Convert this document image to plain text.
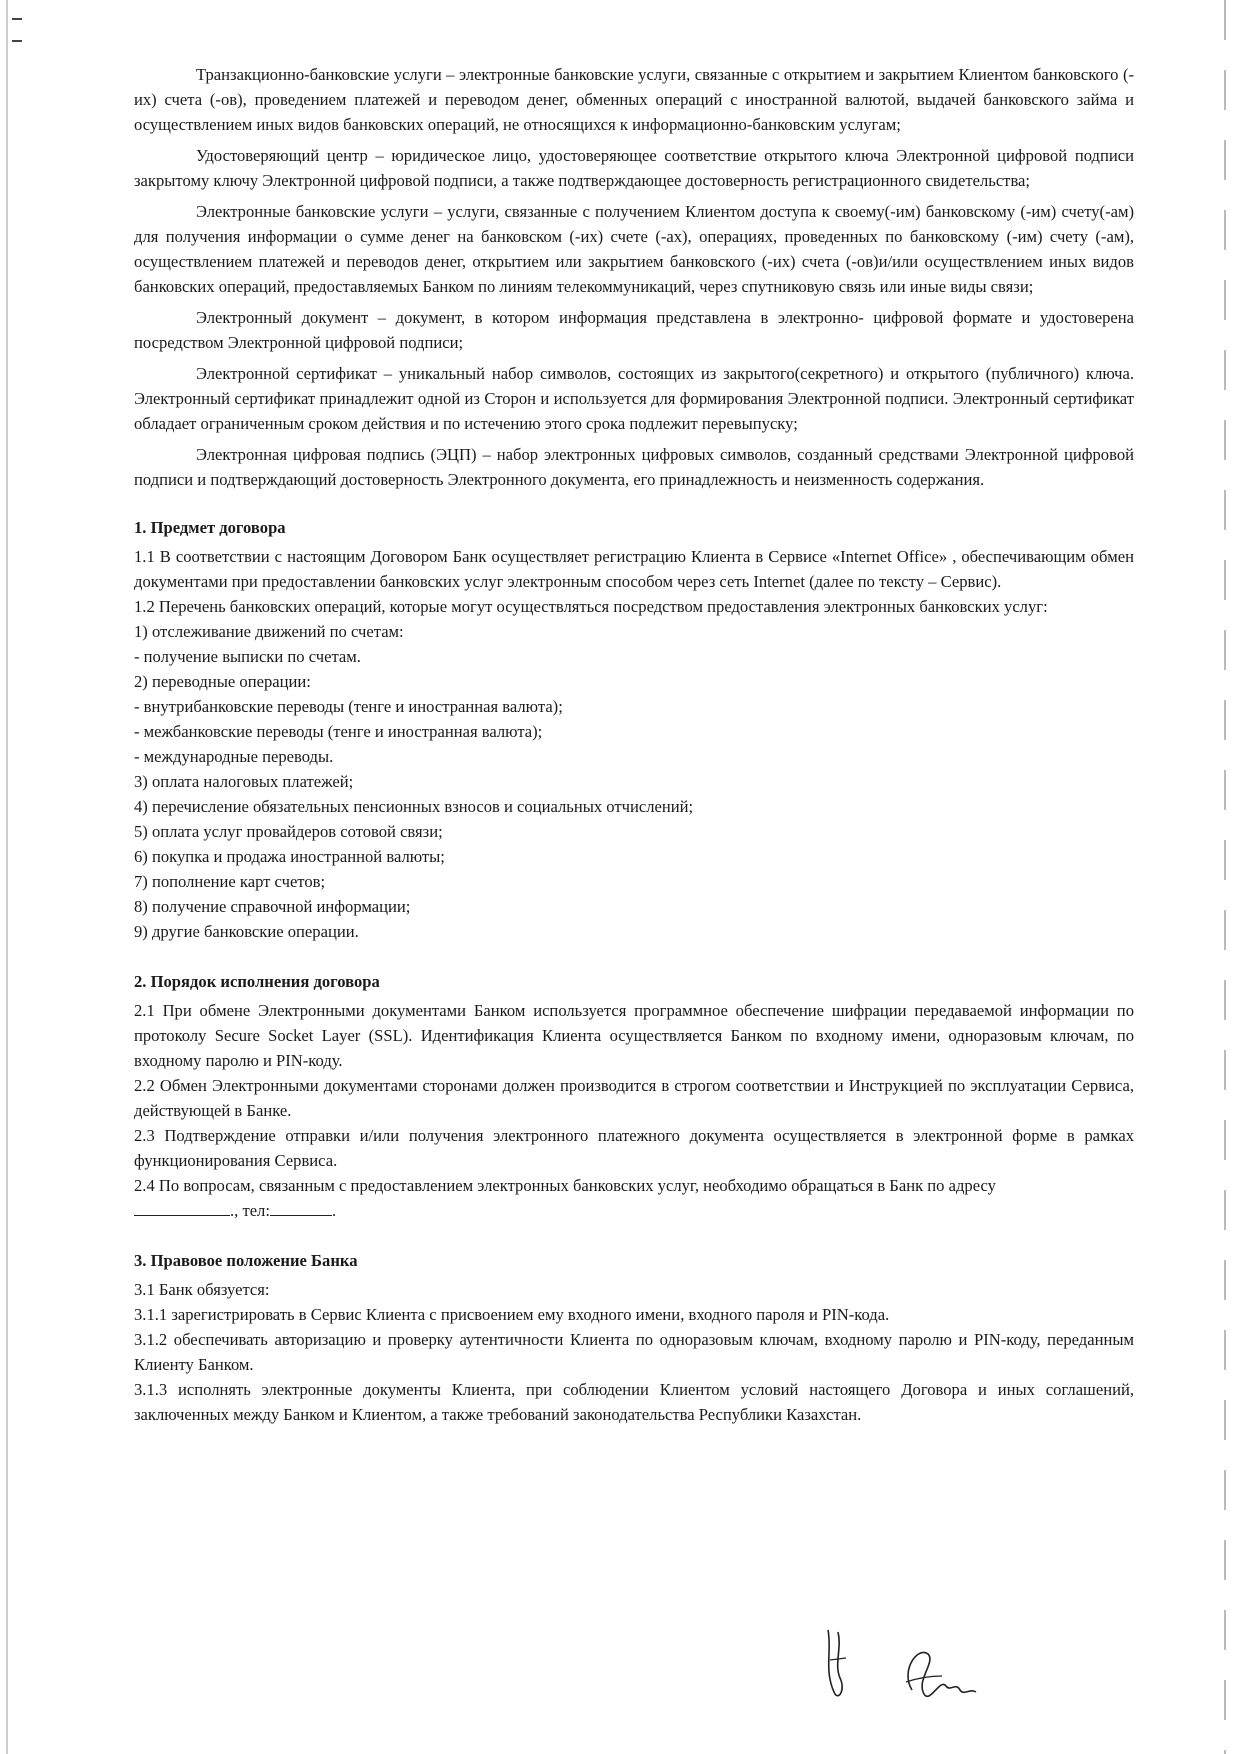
Транзакционно-банковские услуги – электронные банковские услуги, связанные с открытием и закрытием Клиентом банковского (-их) счета (-ов), проведением платежей и переводом денег, обменных операций с иностранной валютой, выдачей банковского займа и осуществлением иных видов банковских операций, не относящихся к информационно-банковским услугам;

Удостоверяющий центр – юридическое лицо, удостоверяющее соответствие открытого ключа Электронной цифровой подписи закрытому ключу Электронной цифровой подписи, а также подтверждающее достоверность регистрационного свидетельства;

Электронные банковские услуги – услуги, связанные с получением Клиентом доступа к своему(-им) банковскому (-им) счету(-ам) для получения информации о сумме денег на банковском (-их) счете (-ах), операциях, проведенных по банковскому (-им) счету (-ам), осуществлением платежей и переводов денег, открытием или закрытием банковского (-их) счета (-ов)и/или осуществлением иных видов банковских операций, предоставляемых Банком по линиям телекоммуникаций, через спутниковую связь или иные виды связи;

Электронный документ – документ, в котором информация представлена в электронно- цифровой формате и удостоверена посредством Электронной цифровой подписи;

Электронной сертификат – уникальный набор символов, состоящих из закрытого(секретного) и открытого (публичного) ключа. Электронный сертификат принадлежит одной из Сторон и используется для формирования Электронной подписи. Электронный сертификат обладает ограниченным сроком действия и по истечению этого срока подлежит перевыпуску;

Электронная цифровая подпись (ЭЦП) – набор электронных цифровых символов, созданный средствами Электронной цифровой подписи и подтверждающий достоверность Электронного документа, его принадлежность и неизменность содержания.

1. Предмет договора

1.1 В соответствии с настоящим Договором Банк осуществляет регистрацию Клиента в Сервисе «Internet Office» , обеспечивающим обмен документами при предоставлении банковских услуг электронным способом через сеть Internet (далее по тексту – Сервис).

1.2 Перечень банковских операций, которые могут осуществляться посредством предоставления электронных банковских услуг:

1) отслеживание движений по счетам:

- получение выписки по счетам.

2) переводные операции:

- внутрибанковские переводы (тенге и иностранная валюта);

- межбанковские переводы (тенге и иностранная валюта);

- международные переводы.

3) оплата налоговых платежей;

4) перечисление обязательных пенсионных взносов и социальных отчислений;

5) оплата услуг провайдеров сотовой связи;

6) покупка и продажа иностранной валюты;

7) пополнение карт счетов;

8) получение справочной информации;

9) другие банковские операции.

2. Порядок исполнения договора

2.1 При обмене Электронными документами Банком используется программное обеспечение шифрации передаваемой информации по протоколу Secure Socket Layer (SSL). Идентификация Клиента осуществляется Банком по входному имени, одноразовым ключам, по входному паролю и PIN-коду.

2.2 Обмен Электронными документами сторонами должен производится в строгом соответствии и Инструкцией по эксплуатации Сервиса, действующей в Банке.

2.3 Подтверждение отправки и/или получения электронного платежного документа осуществляется в электронной форме в рамках функционирования Сервиса.

2.4 По вопросам, связанным с предоставлением электронных банковских услуг, необходимо обращаться в Банк по адресу

., тел:	.

3. Правовое положение Банка

3.1 Банк обязуется:

3.1.1 зарегистрировать в Сервис Клиента с присвоением ему входного имени, входного пароля и PIN-кода.

3.1.2 обеспечивать авторизацию и проверку аутентичности Клиента по одноразовым ключам, входному паролю и PIN-коду, переданным Клиенту Банком.

3.1.3 исполнять электронные документы Клиента, при соблюдении Клиентом условий настоящего Договора и иных соглашений, заключенных между Банком и Клиентом, а также требований законодательства Республики Казахстан.
